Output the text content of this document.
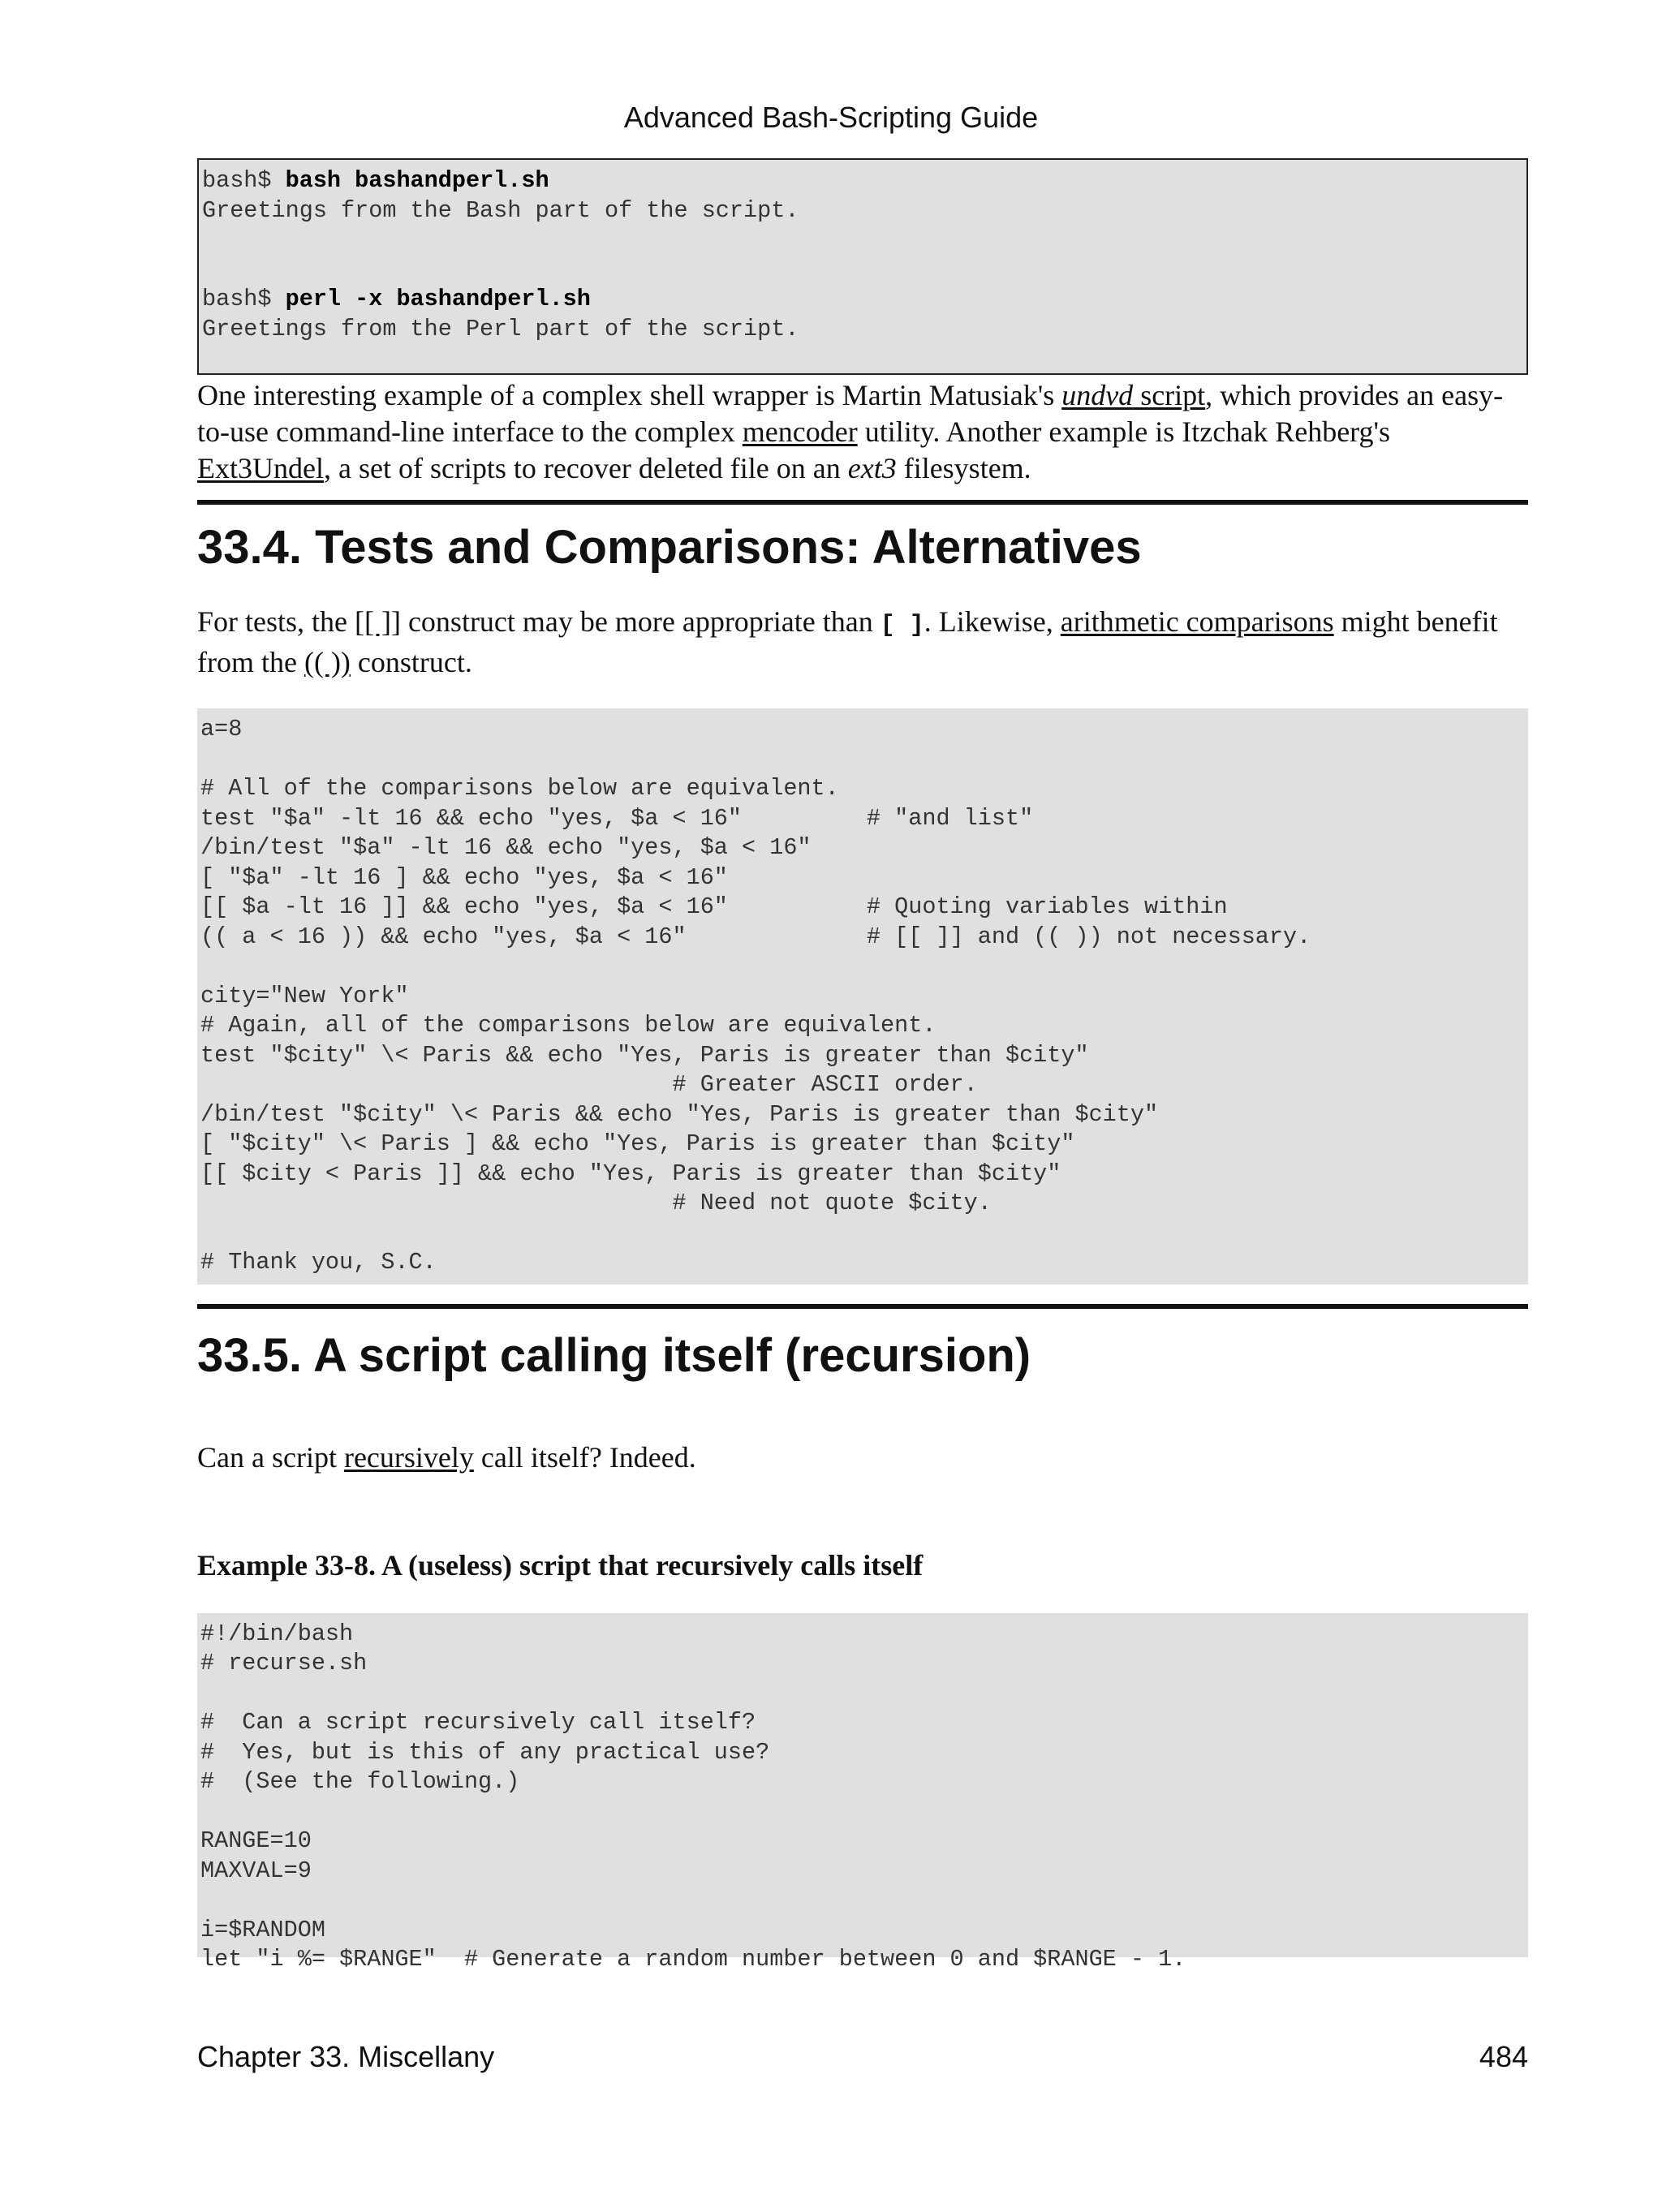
Advanced Bash-Scripting Guide
bash$ bash bashandperl.sh
Greetings from the Bash part of the script.

bash$ perl -x bashandperl.sh
Greetings from the Perl part of the script.

One interesting example of a complex shell wrapper is Martin Matusiak's undvd script, which provides an easy-to-use command-line interface to the complex mencoder utility. Another example is Itzchak Rehberg's Ext3Undel, a set of scripts to recover deleted file on an ext3 filesystem.

33.4. Tests and Comparisons: Alternatives

For tests, the [[ ]] construct may be more appropriate than [ ]. Likewise, arithmetic comparisons might benefit from the (( )) construct.

a=8

# All of the comparisons below are equivalent.
test "$a" -lt 16 && echo "yes, $a < 16"         # "and list"
/bin/test "$a" -lt 16 && echo "yes, $a < 16"
[ "$a" -lt 16 ] && echo "yes, $a < 16"
[[ $a -lt 16 ]] && echo "yes, $a < 16"          # Quoting variables within
(( a < 16 )) && echo "yes, $a < 16"             # [[ ]] and (( )) not necessary.

city="New York"
# Again, all of the comparisons below are equivalent.
test "$city" \< Paris && echo "Yes, Paris is greater than $city"
# Greater ASCII order.
/bin/test "$city" \< Paris && echo "Yes, Paris is greater than $city"
[ "$city" \< Paris ] && echo "Yes, Paris is greater than $city"
[[ $city < Paris ]] && echo "Yes, Paris is greater than $city"
# Need not quote $city.

# Thank you, S.C.
33.5. A script calling itself (recursion)

Can a script recursively call itself? Indeed.

Example 33-8. A (useless) script that recursively calls itself
#!/bin/bash
# recurse.sh

#  Can a script recursively call itself?
#  Yes, but is this of any practical use?
#  (See the following.)

RANGE=10
MAXVAL=9

i=$RANDOM
let "i %= $RANGE"  # Generate a random number between 0 and $RANGE - 1.
Chapter 33. Miscellany	484
